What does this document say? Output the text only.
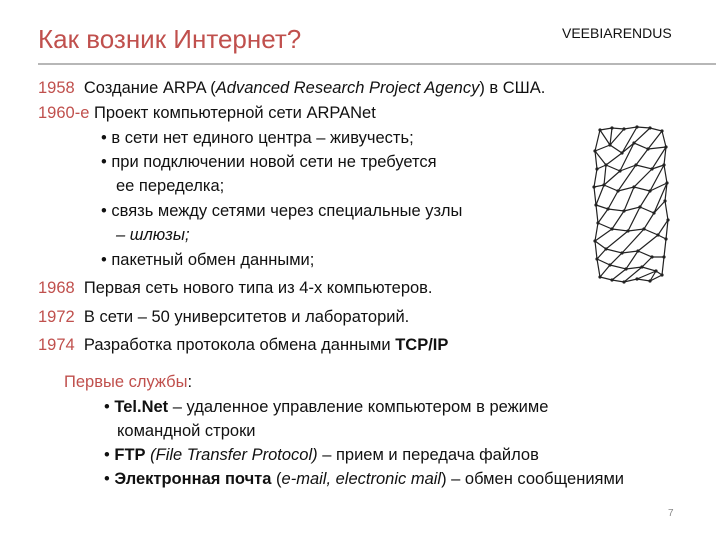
Как возник Интернет?	VEEBIARENDUS
1958 Создание ARPA (Advanced Research Project Agency) в США.
1960-е Проект компьютерной сети ARPANet
• в сети нет единого центра – живучесть;
• при подключении новой сети не требуется
ее переделка;
• связь между сетями через специальные узлы
– шлюзы;
• пакетный обмен данными;
1968 Первая сеть нового типа из 4-х компьютеров.
1972 В сети – 50 университетов и лабораторий.
1974 Разработка протокола обмена данными TCP/IP
Первые службы:
• Tel.Net – удаленное управление компьютером в режиме
командной строки
• FTP (File Transfer Protocol) – прием и передача файлов
• Электронная почта (e-mail, electronic mail) – обмен сообщениями
7
